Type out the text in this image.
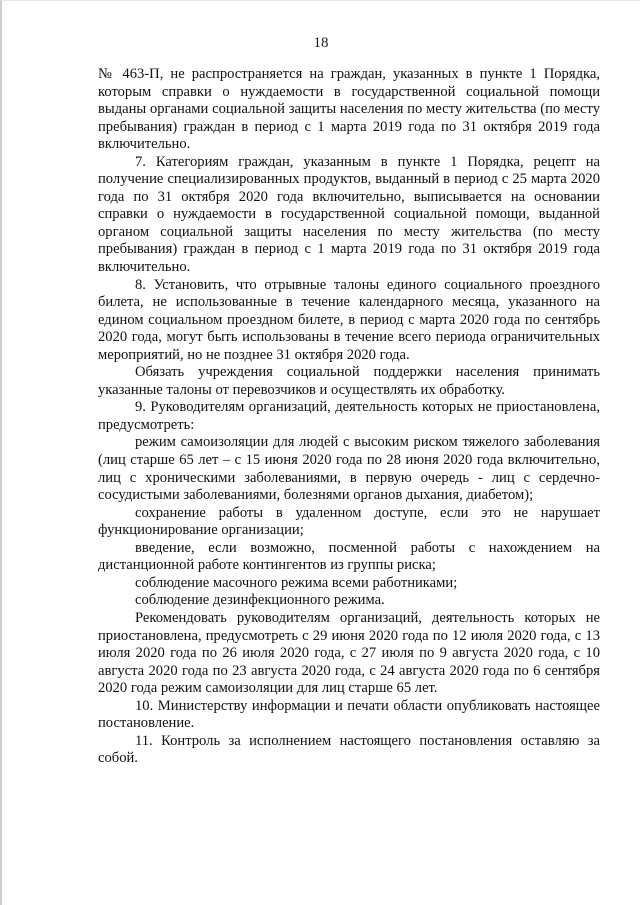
18

№ 463-П, не распространяется на граждан, указанных в пункте 1 Порядка, которым справки о нуждаемости в государственной социальной помощи выданы органами социальной защиты населения по месту жительства (по месту пребывания) граждан в период с 1 марта 2019 года по 31 октября 2019 года включительно.

7. Категориям граждан, указанным в пункте 1 Порядка, рецепт на получение специализированных продуктов, выданный в период с 25 марта 2020 года по 31 октября 2020 года включительно, выписывается на основании справки о нуждаемости в государственной социальной помощи, выданной органом социальной защиты населения по месту жительства (по месту пребывания) граждан в период с 1 марта 2019 года по 31 октября 2019 года включительно.

8. Установить, что отрывные талоны единого социального проездного билета, не использованные в течение календарного месяца, указанного на едином социальном проездном билете, в период с марта 2020 года по сентябрь 2020 года, могут быть использованы в течение всего периода ограничительных мероприятий, но не позднее 31 октября 2020 года.

Обязать учреждения социальной поддержки населения принимать указанные талоны от перевозчиков и осуществлять их обработку.

9. Руководителям организаций, деятельность которых не приостановлена, предусмотреть:

режим самоизоляции для людей с высоким риском тяжелого заболевания (лиц старше 65 лет – с 15 июня 2020 года по 28 июня 2020 года включительно, лиц с хроническими заболеваниями, в первую очередь - лиц с сердечно-сосудистыми заболеваниями, болезнями органов дыхания, диабетом);

сохранение работы в удаленном доступе, если это не нарушает функционирование организации;

введение, если возможно, посменной работы с нахождением на дистанционной работе контингентов из группы риска;

соблюдение масочного режима всеми работниками;

соблюдение дезинфекционного режима.

Рекомендовать руководителям организаций, деятельность которых не приостановлена, предусмотреть с 29 июня 2020 года по 12 июля 2020 года, с 13 июля 2020 года по 26 июля 2020 года, с 27 июля по 9 августа 2020 года, с 10 августа 2020 года по 23 августа 2020 года, с 24 августа 2020 года по 6 сентября 2020 года режим самоизоляции для лиц старше 65 лет.

10. Министерству информации и печати области опубликовать настоящее постановление.

11. Контроль за исполнением настоящего постановления оставляю за собой.
